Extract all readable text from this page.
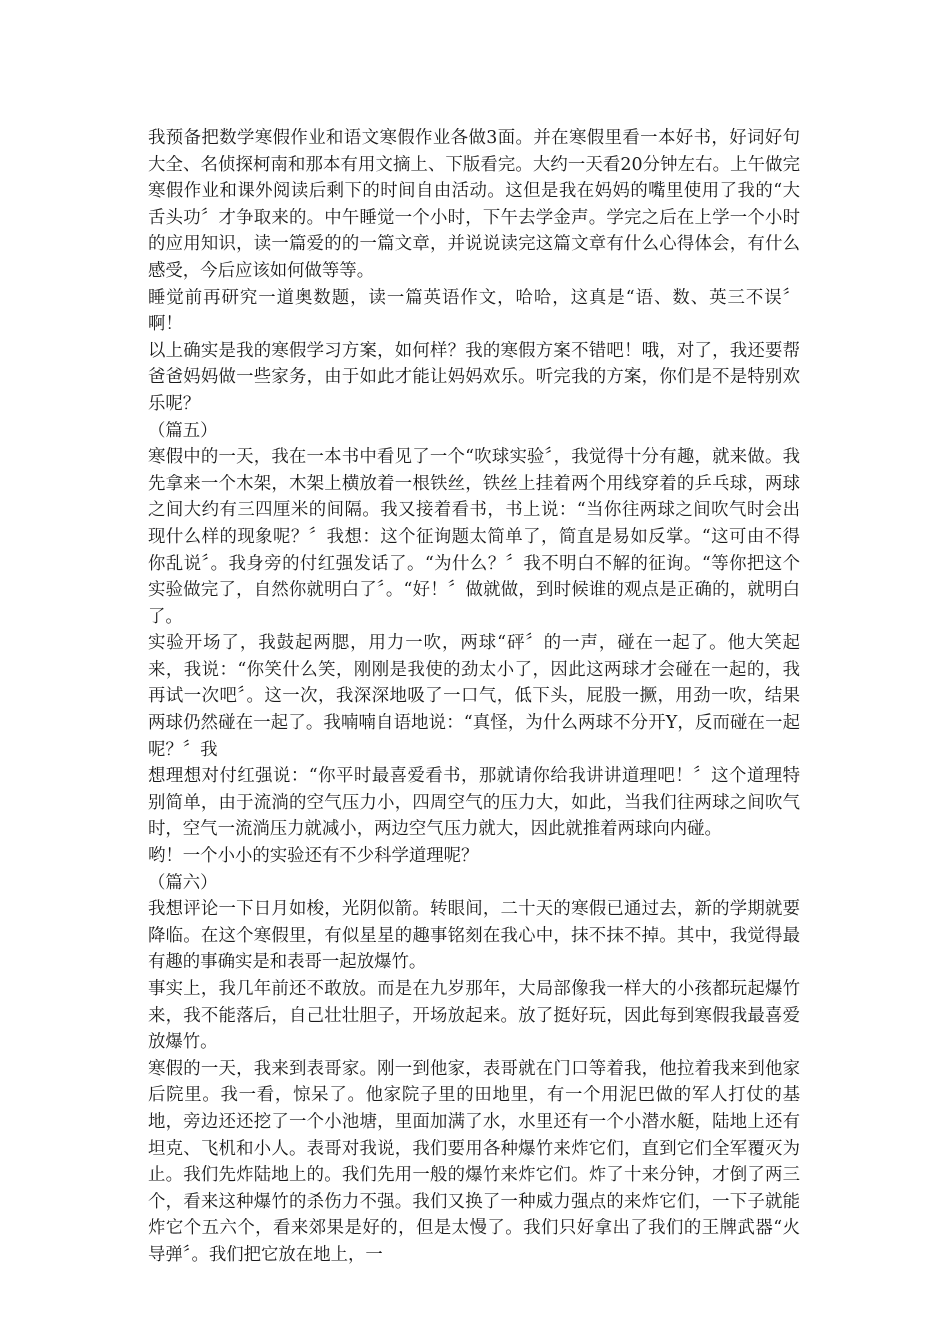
我预备把数学寒假作业和语文寒假作业各做3面。并在寒假里看一本好书，好词好句大全、名侦探柯南和那本有用文摘上、下版看完。大约一天看20分钟左右。上午做完寒假作业和课外阅读后剩下的时间自由活动。这但是我在妈妈的嘴里使用了我的“大舌头功〞才争取来的。中午睡觉一个小时，下午去学金声。学完之后在上学一个小时的应用知识，读一篇爱的的一篇文章，并说说读完这篇文章有什么心得体会，有什么感受，今后应该如何做等等。

睡觉前再研究一道奥数题，读一篇英语作文，哈哈，这真是“语、数、英三不误〞啊！

以上确实是我的寒假学习方案，如何样？我的寒假方案不错吧！哦，对了，我还要帮爸爸妈妈做一些家务，由于如此才能让妈妈欢乐。听完我的方案，你们是不是特别欢乐呢？

（篇五）

寒假中的一天，我在一本书中看见了一个“吹球实验〞，我觉得十分有趣，就来做。我先拿来一个木架，木架上横放着一根铁丝，铁丝上挂着两个用线穿着的乒乓球，两球之间大约有三四厘米的间隔。我又接着看书，书上说：“当你往两球之间吹气时会出现什么样的现象呢？〞我想：这个征询题太简单了，简直是易如反掌。“这可由不得你乱说〞。我身旁的付红强发话了。“为什么？〞我不明白不解的征询。“等你把这个实验做完了，自然你就明白了〞。“好！〞做就做，到时候谁的观点是正确的，就明白了。

实验开场了，我鼓起两腮，用力一吹，两球“砰〞的一声，碰在一起了。他大笑起来，我说：“你笑什么笑，刚刚是我使的劲太小了，因此这两球才会碰在一起的，我再试一次吧〞。这一次，我深深地吸了一口气，低下头，屁股一撅，用劲一吹，结果两球仍然碰在一起了。我喃喃自语地说：“真怪，为什么两球不分开Y，反而碰在一起呢？〞我

想理想对付红强说：“你平时最喜爱看书，那就请你给我讲讲道理吧！〞这个道理特别简单，由于流淌的空气压力小，四周空气的压力大，如此，当我们往两球之间吹气时，空气一流淌压力就减小，两边空气压力就大，因此就推着两球向内碰。

哟！一个小小的实验还有不少科学道理呢？

（篇六）

我想评论一下日月如梭，光阴似箭。转眼间，二十天的寒假已通过去，新的学期就要降临。在这个寒假里，有似星星的趣事铭刻在我心中，抹不抹不掉。其中，我觉得最有趣的事确实是和表哥一起放爆竹。

事实上，我几年前还不敢放。而是在九岁那年，大局部像我一样大的小孩都玩起爆竹来，我不能落后，自己壮壮胆子，开场放起来。放了挺好玩，因此每到寒假我最喜爱放爆竹。

寒假的一天，我来到表哥家。刚一到他家，表哥就在门口等着我，他拉着我来到他家后院里。我一看，惊呆了。他家院子里的田地里，有一个用泥巴做的军人打仗的基地，旁边还还挖了一个小池塘，里面加满了水，水里还有一个小潜水艇，陆地上还有坦克、飞机和小人。表哥对我说，我们要用各种爆竹来炸它们，直到它们全军覆灭为止。我们先炸陆地上的。我们先用一般的爆竹来炸它们。炸了十来分钟，才倒了两三个，看来这种爆竹的杀伤力不强。我们又换了一种威力强点的来炸它们，一下子就能炸它个五六个，看来郊果是好的，但是太慢了。我们只好拿出了我们的王牌武器“火导弹〞。我们把它放在地上，一
